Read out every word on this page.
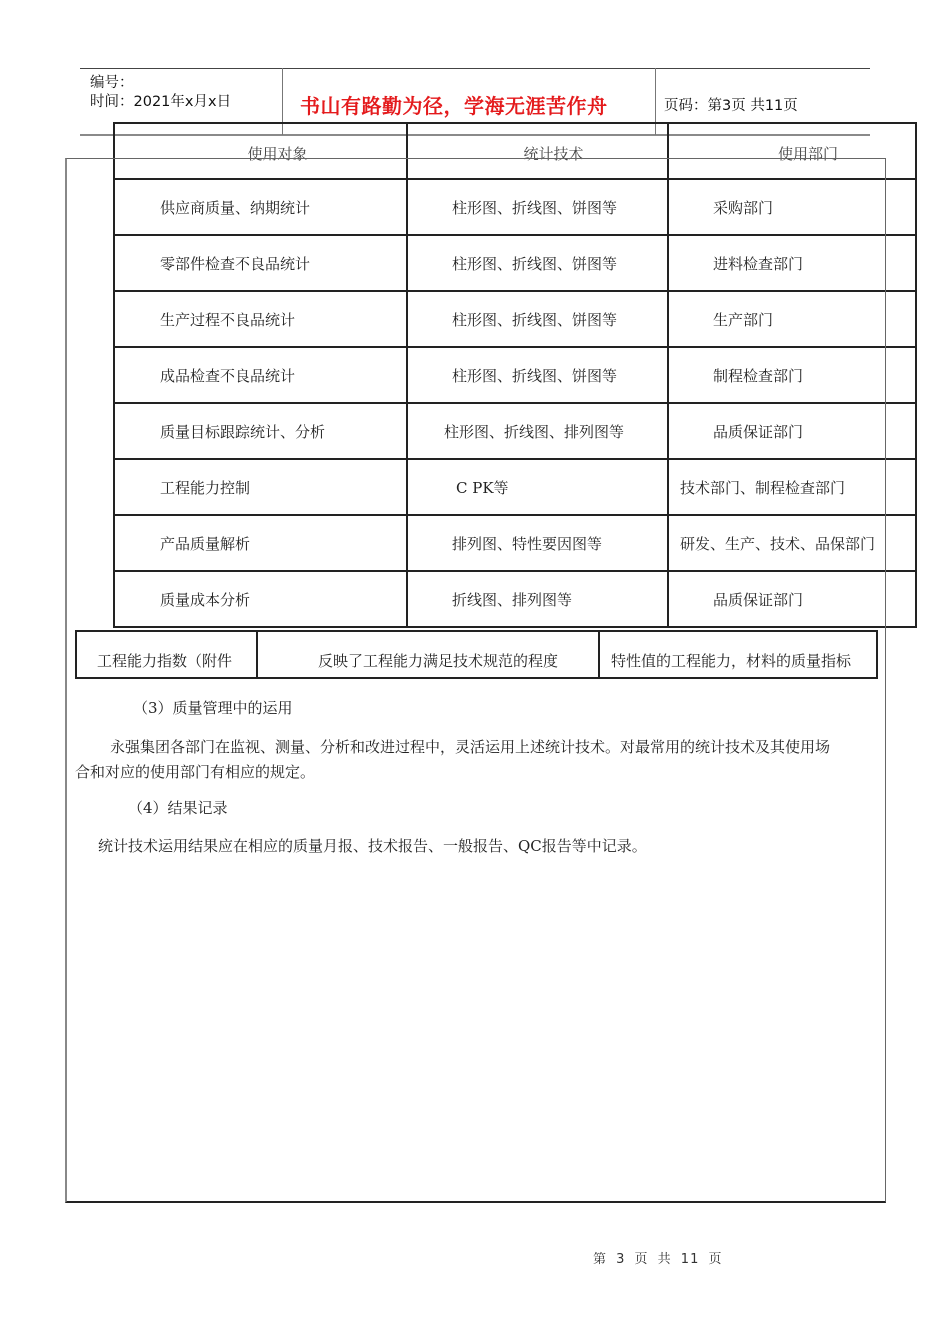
编号：
时间：2021年x月x日	书山有路勤为径，学海无涯苦作舟	页码：第3页 共11页
使用对象	统计技术	使用部门
供应商质量、纳期统计	柱形图、折线图、饼图等	采购部门
零部件检查不良品统计	柱形图、折线图、饼图等	进料检查部门
生产过程不良品统计	柱形图、折线图、饼图等	生产部门
成品检查不良品统计	柱形图、折线图、饼图等	制程检查部门
质量目标跟踪统计、分析	柱形图、折线图、排列图等	品质保证部门
工程能力控制	C PK等	技术部门、制程检查部门
产品质量解析	排列图、特性要因图等	研发、生产、技术、品保部门
质量成本分析	折线图、排列图等	品质保证部门
工程能力指数（附件	反映了工程能力满足技术规范的程度	特性值的工程能力，材料的质量指标
（3）质量管理中的运用
永强集团各部门在监视、测量、分析和改进过程中，灵活运用上述统计技术。对最常用的统计技术及其使用场
合和对应的使用部门有相应的规定。
（4）结果记录
统计技术运用结果应在相应的质量月报、技术报告、一般报告、QC报告等中记录。
第 3 页 共 11 页
